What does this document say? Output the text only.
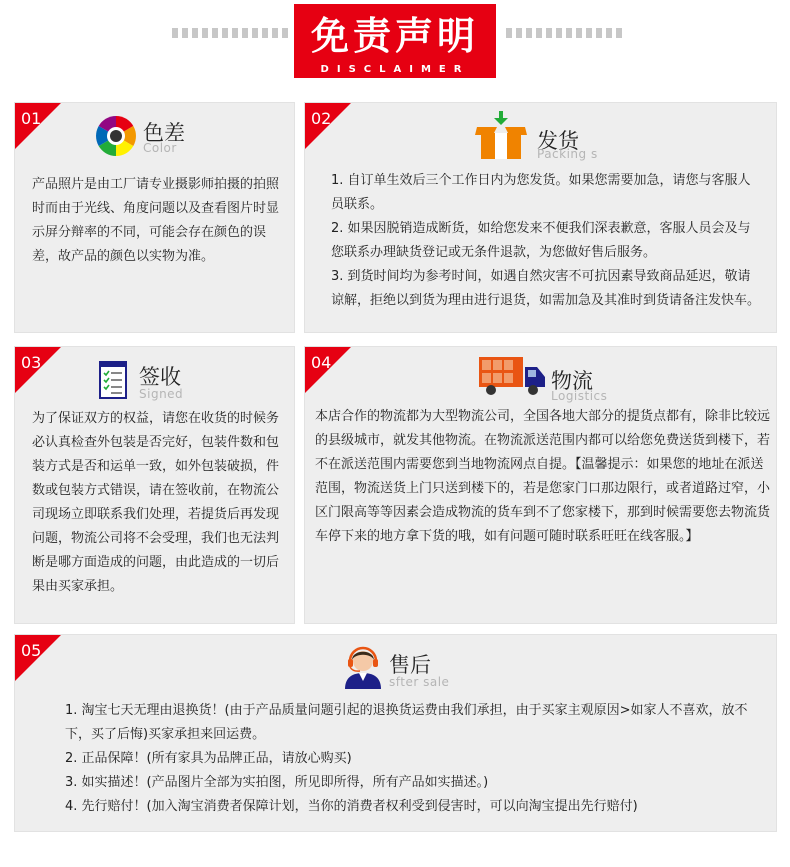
免责声明
DISCLAIMER
01
色差
Color
产品照片是由工厂请专业摄影师拍摄的拍照时而由于光线、角度问题以及查看图片时显示屏分辩率的不同，可能会存在颜色的误差，故产品的颜色以实物为准。
02
发货
Packing s

1. 自订单生效后三个工作日内为您发货。如果您需要加急，请您与客服人员联系。

2. 如果因脱销造成断货，如给您发来不便我们深表歉意，客服人员会及与您联系办理缺货登记或无条件退款，为您做好售后服务。

3. 到货时间均为参考时间，如遇自然灾害不可抗因素导致商品延迟，敬请谅解，拒绝以到货为理由进行退货，如需加急及其准时到货请备注发快车。

03
签收
Signed
为了保证双方的权益，请您在收货的时候务必认真检查外包装是否完好，包装件数和包装方式是否和运单一致，如外包装破损，件数或包装方式错误，请在签收前，在物流公司现场立即联系我们处理，若提货后再发现问题，物流公司将不会受理，我们也无法判断是哪方面造成的问题，由此造成的一切后果由买家承担。
04
物流
Logistics
本店合作的物流都为大型物流公司，全国各地大部分的提货点都有，除非比较远的县级城市，就发其他物流。在物流派送范围内都可以给您免费送货到楼下，若不在派送范围内需要您到当地物流网点自提。【温馨提示：如果您的地址在派送范围，物流送货上门只送到楼下的，若是您家门口那边限行，或者道路过窄，小区门限高等等因素会造成物流的货车到不了您家楼下，那到时候需要您去物流货车停下来的地方拿下货的哦，如有问题可随时联系旺旺在线客服。】
05
售后
sfter sale

1. 淘宝七天无理由退换货！(由于产品质量问题引起的退换货运费由我们承担，由于买家主观原因>如家人不喜欢，放不下，买了后悔)买家承担来回运费。

2. 正品保障！(所有家具为品牌正品，请放心购买)

3. 如实描述！(产品图片全部为实拍图，所见即所得，所有产品如实描述。)

4. 先行赔付！(加入淘宝消费者保障计划，当你的消费者权利受到侵害时，可以向淘宝提出先行赔付)
